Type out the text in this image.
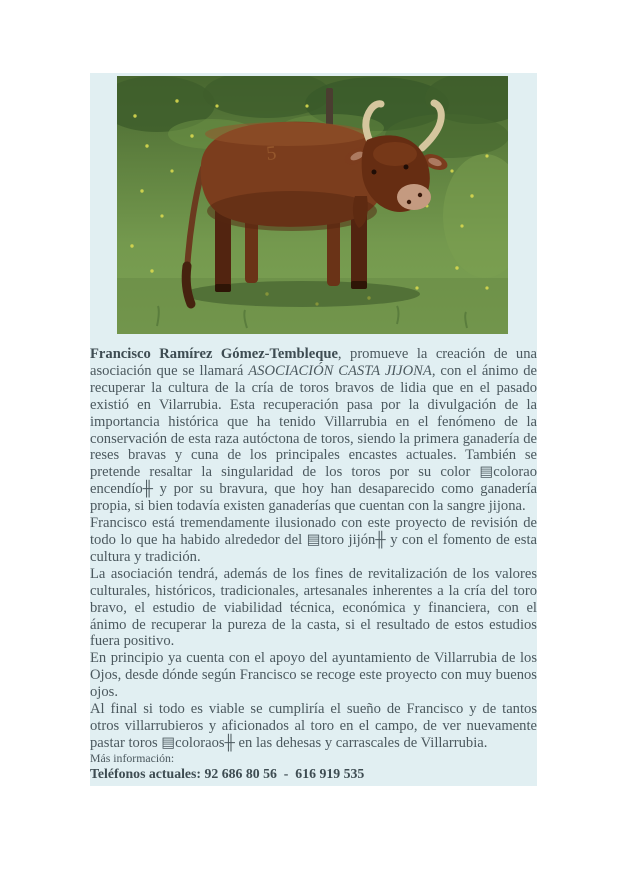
5

Francisco Ramírez Gómez-Tembleque, promueve la creación de una asociación que se llamará ASOCIACIÓN CASTA JIJONA, con el ánimo de recuperar la cultura de la cría de toros bravos de lidia que en el pasado existió en Vilarrubia. Esta recuperación pasa por la divulgación de la importancia histórica que ha tenido Villarrubia en el fenómeno de la conservación de esta raza autóctona de toros, siendo la primera ganadería de reses bravas y cuna de los principales encastes actuales. También se pretende resaltar la singularidad de los toros por su color ▤colorao encendío╫ y por su bravura, que hoy han desaparecido como ganadería propia, si bien todavía existen ganaderías que cuentan con la sangre jijona.

Francisco está tremendamente ilusionado con este proyecto de revisión de todo lo que ha habido alrededor del ▤toro jijón╫ y con el fomento de esta cultura y tradición.

La asociación tendrá, además de los fines de revitalización de los valores culturales, históricos, tradicionales, artesanales inherentes a la cría del toro bravo, el estudio de viabilidad técnica, económica y financiera, con el ánimo de recuperar la pureza de la casta, si el resultado de estos estudios fuera positivo.

En principio ya cuenta con el apoyo del ayuntamiento de Villarrubia de los Ojos, desde dónde según Francisco se recoge este proyecto con muy buenos ojos.

Al final si todo es viable se cumpliría el sueño de Francisco y de tantos otros villarrubieros y aficionados al toro en el campo, de ver nuevamente pastar toros ▤coloraos╫ en las dehesas y carrascales de Villarrubia.

Más información:

Teléfonos actuales: 92 686 80 56 - 616 919 535
